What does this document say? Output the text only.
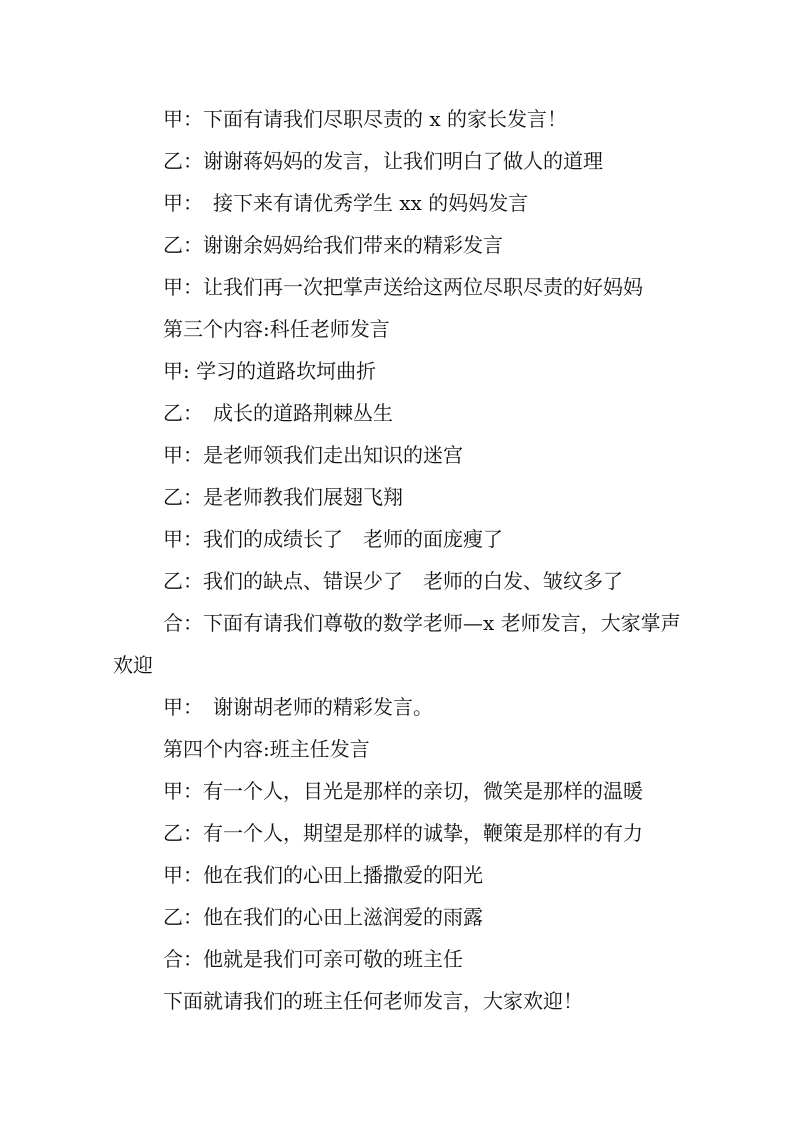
甲：下面有请我们尽职尽责的 x 的家长发言！
乙：谢谢蒋妈妈的发言，让我们明白了做人的道理
甲：　接下来有请优秀学生 xx 的妈妈发言
乙：谢谢余妈妈给我们带来的精彩发言
甲：让我们再一次把掌声送给这两位尽职尽责的好妈妈
第三个内容:科任老师发言
甲: 学习的道路坎坷曲折
乙：　成长的道路荆棘丛生
甲：是老师领我们走出知识的迷宫
乙：是老师教我们展翅飞翔
甲：我们的成绩长了　老师的面庞瘦了
乙：我们的缺点、错误少了　老师的白发、皱纹多了
合：下面有请我们尊敬的数学老师—x 老师发言，大家掌声欢迎
甲：　谢谢胡老师的精彩发言。
第四个内容:班主任发言
甲：有一个人，目光是那样的亲切，微笑是那样的温暖
乙：有一个人，期望是那样的诚挚，鞭策是那样的有力
甲：他在我们的心田上播撒爱的阳光
乙：他在我们的心田上滋润爱的雨露
合：他就是我们可亲可敬的班主任
下面就请我们的班主任何老师发言，大家欢迎！
